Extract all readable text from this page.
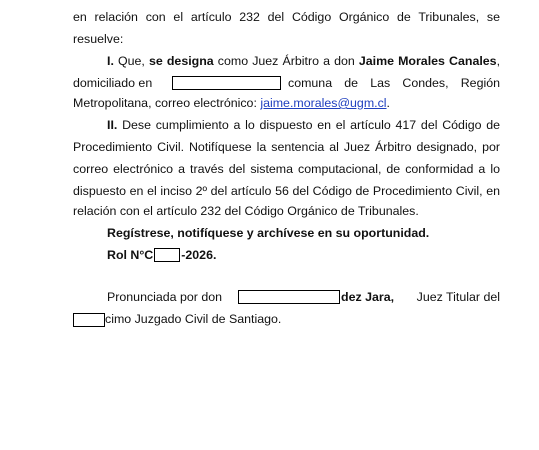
en relación con el artículo 232 del Código Orgánico de Tribunales, se
resuelve:
I. Que, se designa como Juez Árbitro a don Jaime Morales Canales,
domiciliado en	comuna de Las Condes, Región
Metropolitana, correo electrónico: jaime.morales@ugm.cl.
II. Dese cumplimiento a lo dispuesto en el artículo 417 del Código de
Procedimiento Civil. Notifíquese la sentencia al Juez Árbitro designado, por
correo electrónico a través del sistema computacional, de conformidad a lo
dispuesto en el inciso 2º del artículo 56 del Código de Procedimiento Civil, en
relación con el artículo 232 del Código Orgánico de Tribunales.
Regístrese, notifíquese y archívese en su oportunidad.
Rol N°C -2026.
Pronunciada por don	dez Jara, Juez Titular del
cimo Juzgado Civil de Santiago.
